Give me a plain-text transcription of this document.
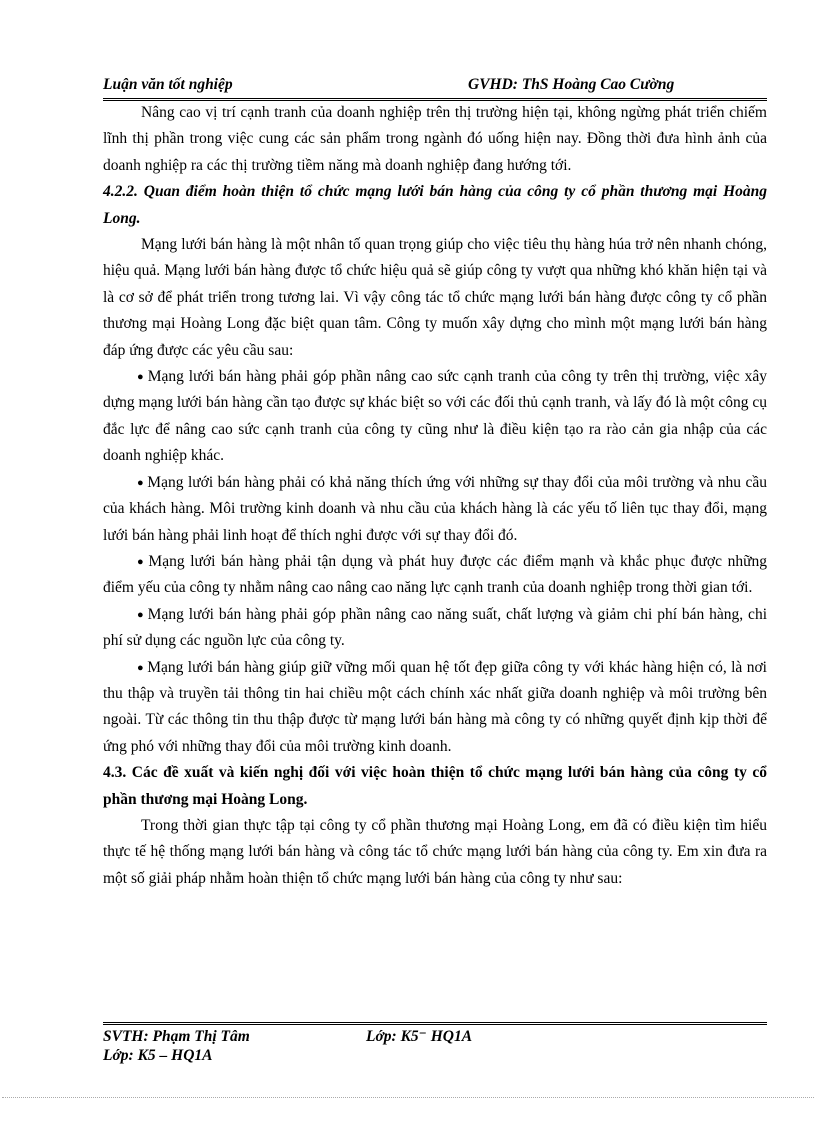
Luận văn tốt nghiệp	GVHD: ThS Hoàng Cao Cường

Nâng cao vị trí cạnh tranh của doanh nghiệp trên thị trường hiện tại, không ngừng phát triển chiếm lĩnh thị phần trong việc cung các sản phẩm trong ngành đó uống hiện nay. Đồng thời đưa hình ảnh của doanh nghiệp ra các thị trường tiềm năng mà doanh nghiệp đang hướng tới.

4.2.2. Quan điểm hoàn thiện tổ chức mạng lưới bán hàng của công ty cổ phần thương mại Hoàng Long.

Mạng lưới bán hàng là một nhân tố quan trọng giúp cho việc tiêu thụ hàng húa trở nên nhanh chóng, hiệu quả. Mạng lưới bán hàng được tổ chức hiệu quả sẽ giúp công ty vượt qua những khó khăn hiện tại và là cơ sở để phát triển trong tương lai. Vì vậy công tác tổ chức mạng lưới bán hàng được công ty cổ phần thương mại Hoàng Long đặc biệt quan tâm. Công ty muốn xây dựng cho mình một mạng lưới bán hàng đáp ứng được các yêu cầu sau:

● Mạng lưới bán hàng phải góp phần nâng cao sức cạnh tranh của công ty trên thị trường, việc xây dựng mạng lưới bán hàng cần tạo được sự khác biệt so với các đối thủ cạnh tranh, và lấy đó là một công cụ đắc lực để nâng cao sức cạnh tranh của công ty cũng như là điều kiện tạo ra rào cản gia nhập của các doanh nghiệp khác.

● Mạng lưới bán hàng phải có khả năng thích ứng với những sự thay đổi của môi trường và nhu cầu của khách hàng. Môi trường kinh doanh và nhu cầu của khách hàng là các yếu tố liên tục thay đổi, mạng lưới bán hàng phải linh hoạt để thích nghi được với sự thay đổi đó.

● Mạng lưới bán hàng phải tận dụng và phát huy được các điểm mạnh và khắc phục được những điểm yếu của công ty nhằm nâng cao nâng cao năng lực cạnh tranh của doanh nghiệp trong thời gian tới.

● Mạng lưới bán hàng phải góp phần nâng cao năng suất, chất lượng và giảm chi phí bán hàng, chi phí sử dụng các nguồn lực của công ty.

● Mạng lưới bán hàng giúp giữ vững mối quan hệ tốt đẹp giữa công ty với khác hàng hiện có, là nơi thu thập và truyền tải thông tin hai chiều một cách chính xác nhất giữa doanh nghiệp và môi trường bên ngoài. Từ các thông tin thu thập được từ mạng lưới bán hàng mà công ty có những quyết định kịp thời để ứng phó với những thay đổi của môi trường kinh doanh.

4.3. Các đề xuất và kiến nghị đối với việc hoàn thiện tổ chức mạng lưới bán hàng của công ty cổ phần thương mại Hoàng Long.

Trong thời gian thực tập tại công ty cổ phần thương mại Hoàng Long, em đã có điều kiện tìm hiểu thực tế hệ thống mạng lưới bán hàng và công tác tổ chức mạng lưới bán hàng của công ty. Em xin đưa ra một số giải pháp nhằm hoàn thiện tổ chức mạng lưới bán hàng của công ty như sau:

SVTH: Phạm Thị Tâm	Lớp: K5⁻ HQ1A
Lớp: K5 – HQ1A
